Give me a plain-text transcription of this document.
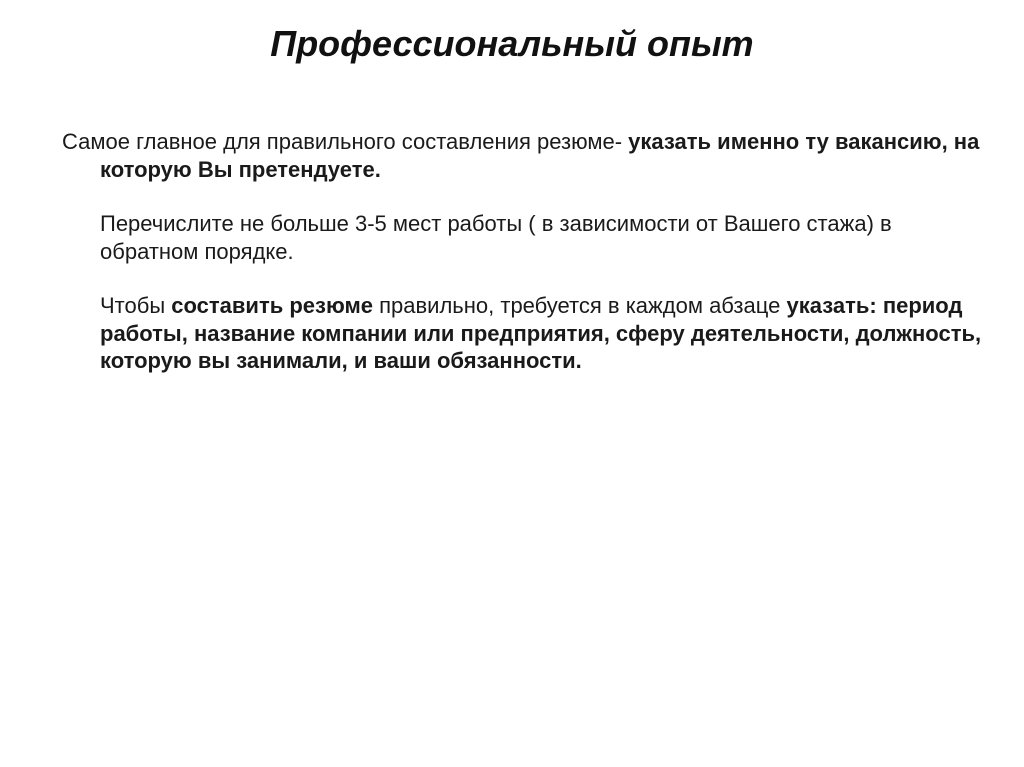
Профессиональный опыт

Самое главное для правильного составления резюме- указать именно ту вакансию, на которую Вы претендуете.

Перечислите не больше 3-5 мест работы ( в зависимости от Вашего стажа) в обратном порядке.

Чтобы составить резюме правильно, требуется в каждом абзаце указать: период работы, название компании или предприятия, сферу деятельности, должность, которую вы занимали, и ваши обязанности.
